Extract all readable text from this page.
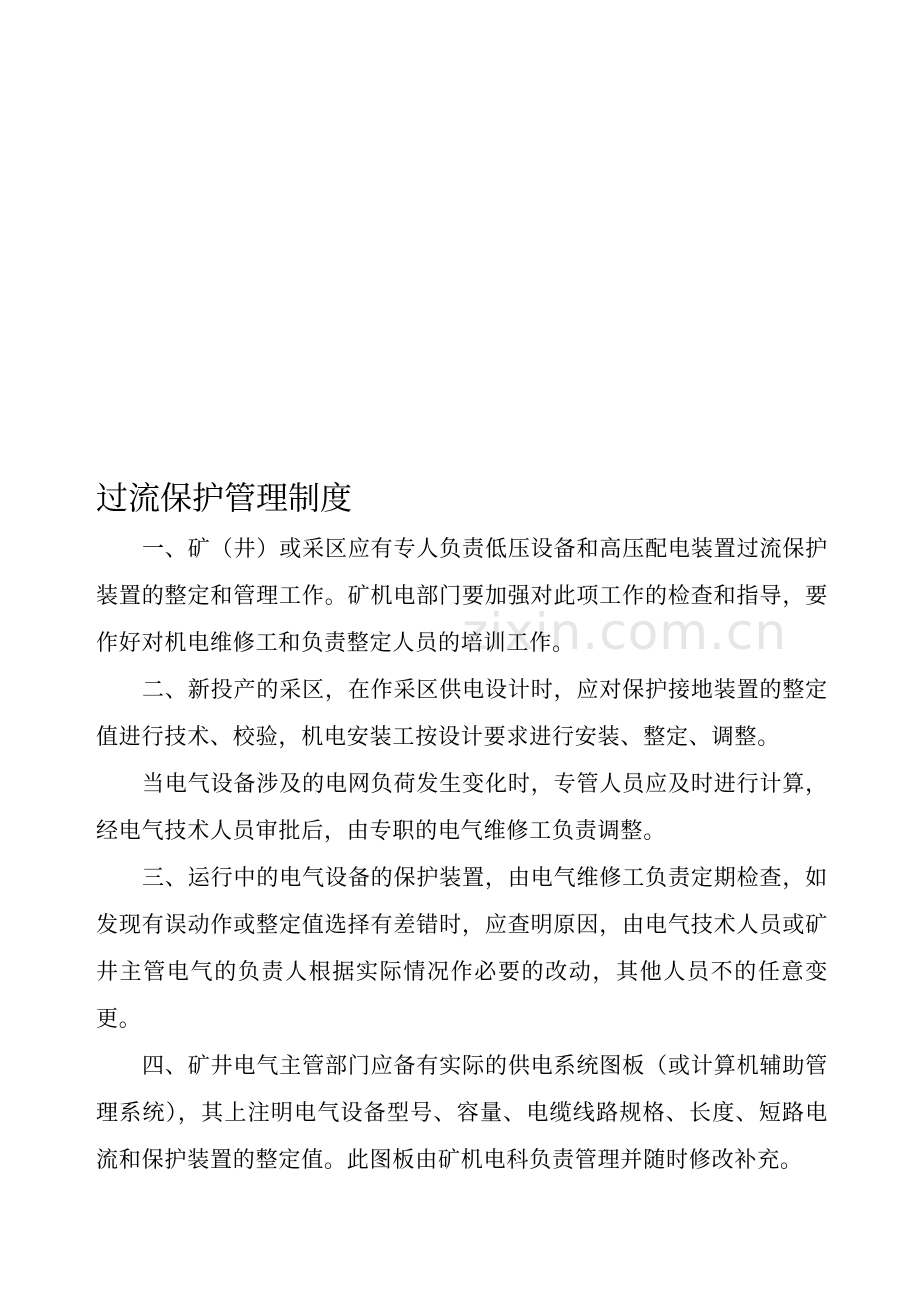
zixin.com.cn
过流保护管理制度

一、矿（井）或采区应有专人负责低压设备和高压配电装置过流保护装置的整定和管理工作。矿机电部门要加强对此项工作的检查和指导，要作好对机电维修工和负责整定人员的培训工作。

二、新投产的采区，在作采区供电设计时，应对保护接地装置的整定值进行技术、校验，机电安装工按设计要求进行安装、整定、调整。

当电气设备涉及的电网负荷发生变化时，专管人员应及时进行计算，经电气技术人员审批后，由专职的电气维修工负责调整。

三、运行中的电气设备的保护装置，由电气维修工负责定期检查，如发现有误动作或整定值选择有差错时，应查明原因，由电气技术人员或矿井主管电气的负责人根据实际情况作必要的改动，其他人员不的任意变更。

四、矿井电气主管部门应备有实际的供电系统图板（或计算机辅助管理系统），其上注明电气设备型号、容量、电缆线路规格、长度、短路电流和保护装置的整定值。此图板由矿机电科负责管理并随时修改补充。
